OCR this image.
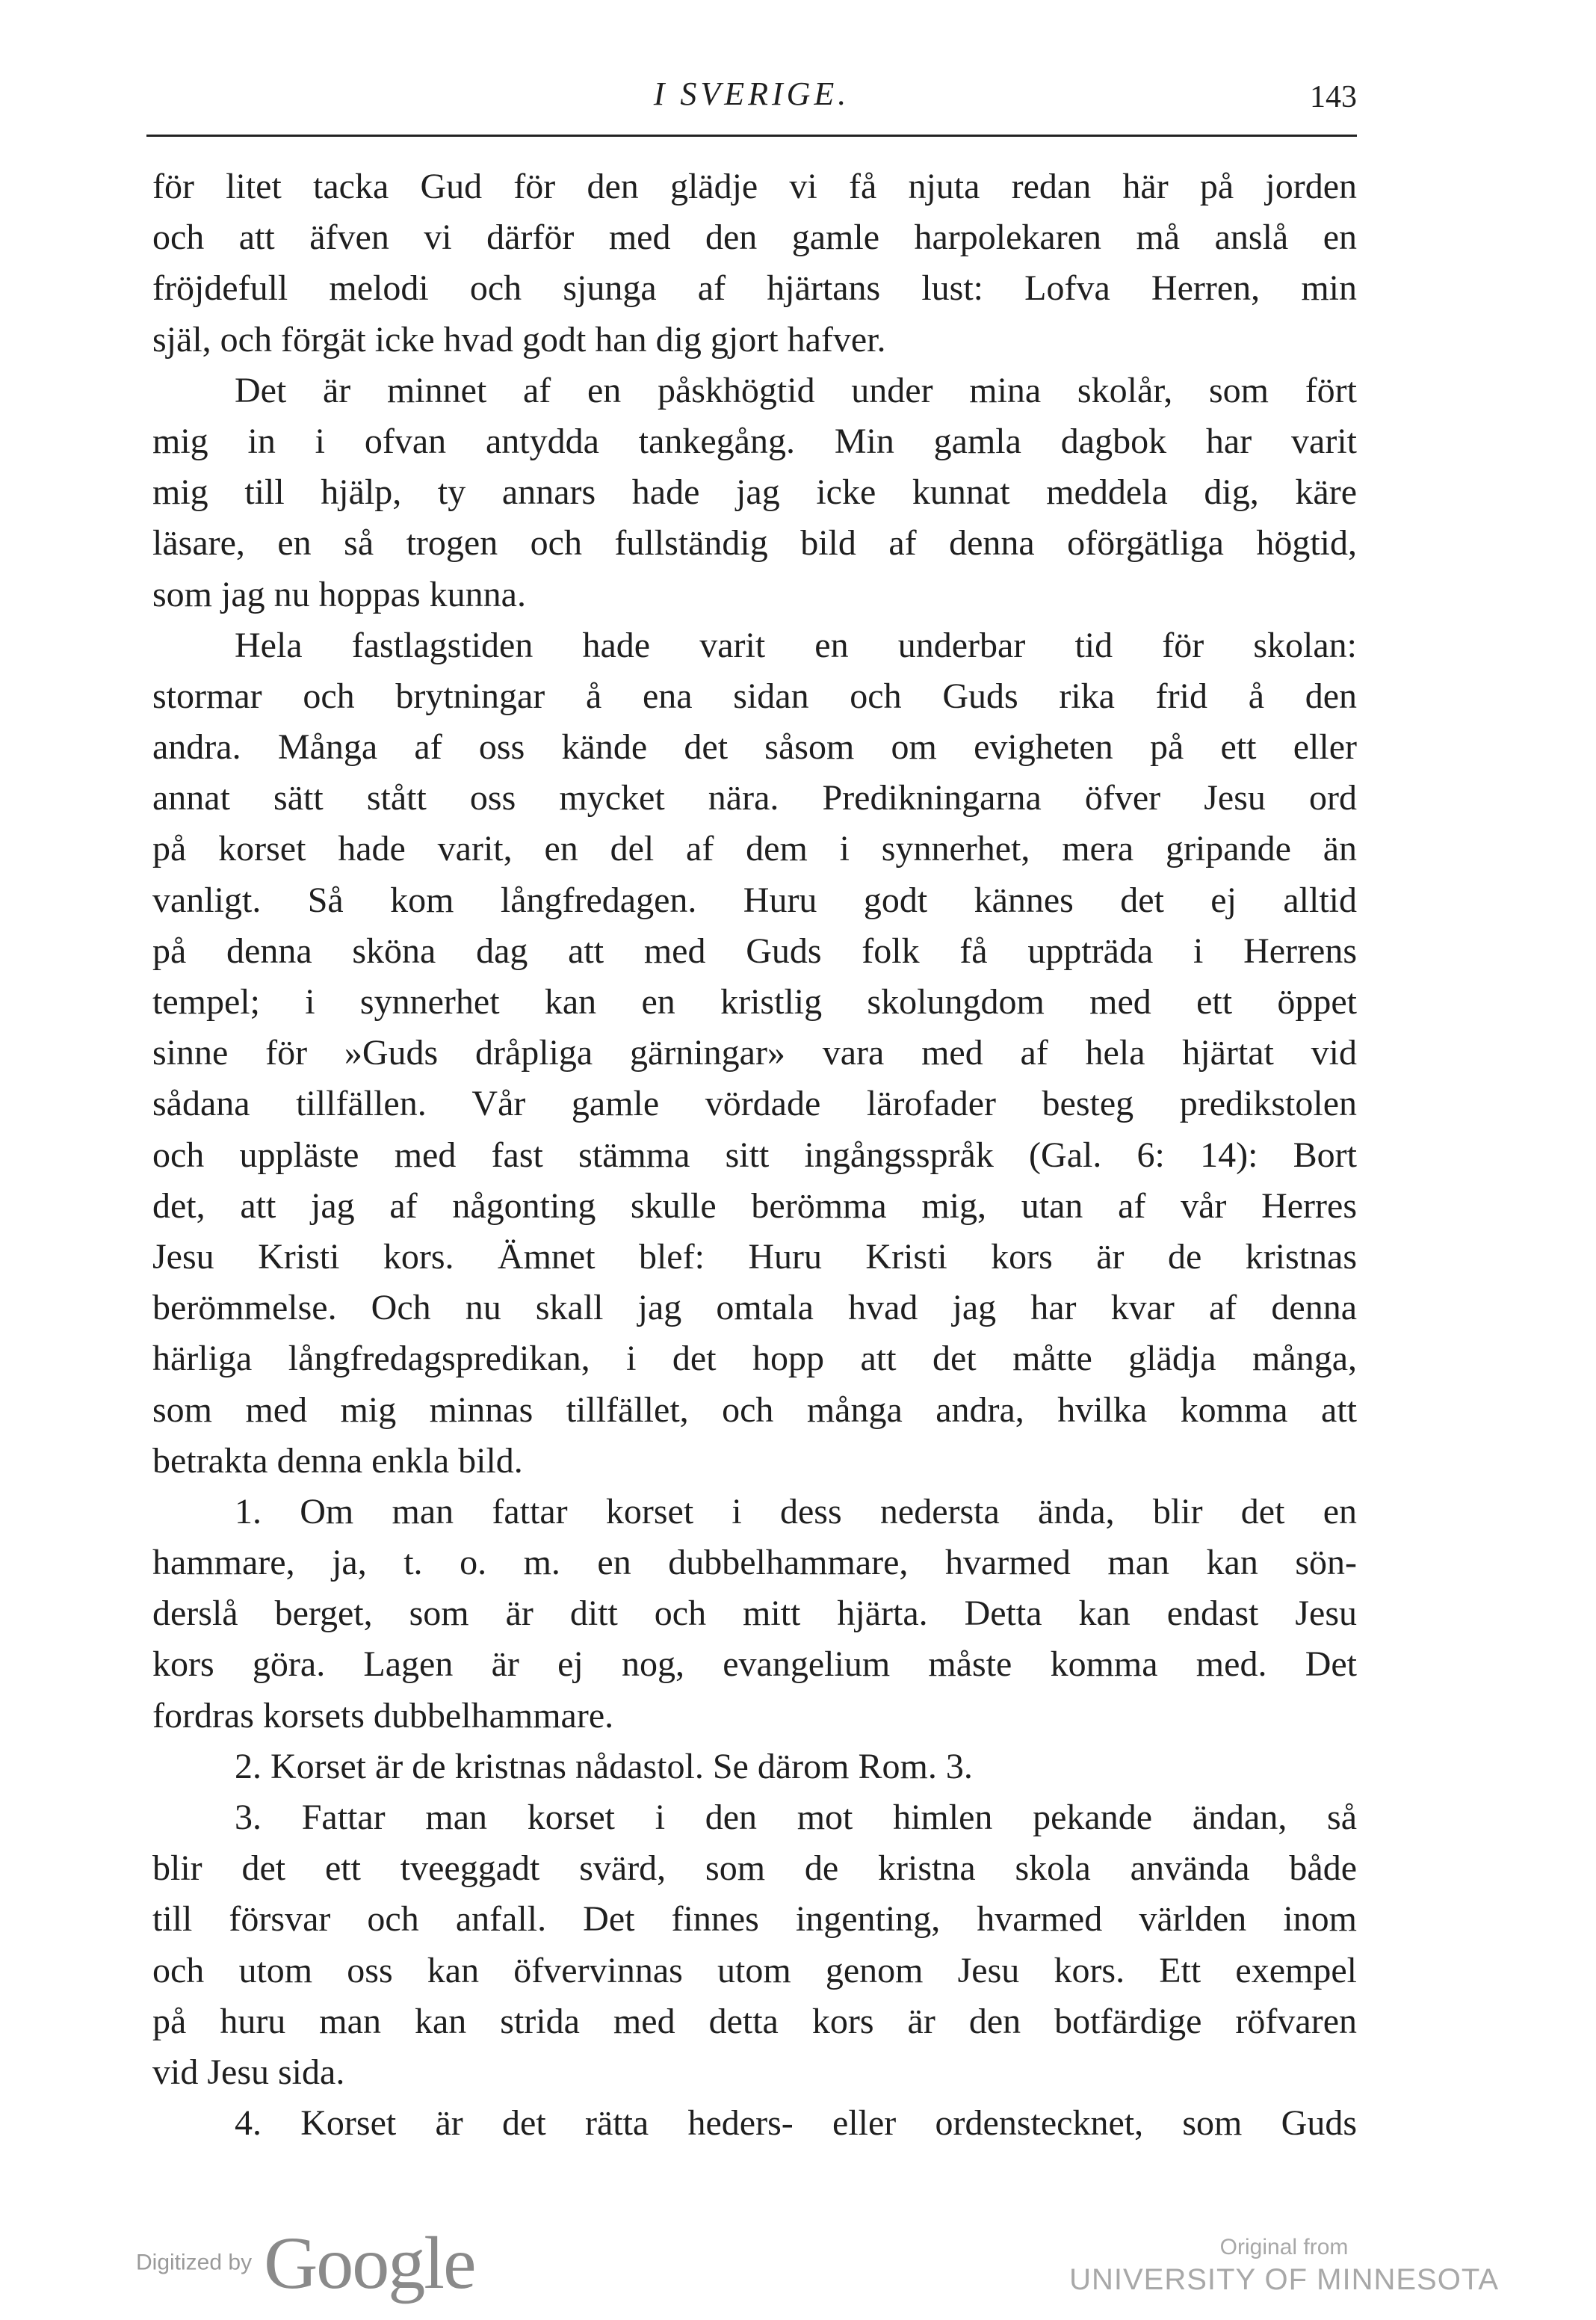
I SVERIGE.	143
för litet tacka Gud för den glädje vi få njuta redan här på jorden
och att äfven vi därför med den gamle harpolekaren må anslå en
fröjdefull melodi och sjunga af hjärtans lust: Lofva Herren, min
själ, och förgät icke hvad godt han dig gjort hafver.
Det är minnet af en påskhögtid under mina skolår, som fört
mig in i ofvan antydda tankegång. Min gamla dagbok har varit
mig till hjälp, ty annars hade jag icke kunnat meddela dig, käre
läsare, en så trogen och fullständig bild af denna oförgätliga högtid,
som jag nu hoppas kunna.
Hela fastlagstiden hade varit en underbar tid för skolan:
stormar och brytningar å ena sidan och Guds rika frid å den
andra. Många af oss kände det såsom om evigheten på ett eller
annat sätt stått oss mycket nära. Predikningarna öfver Jesu ord
på korset hade varit, en del af dem i synnerhet, mera gripande än
vanligt. Så kom långfredagen. Huru godt kännes det ej alltid
på denna sköna dag att med Guds folk få uppträda i Herrens
tempel; i synnerhet kan en kristlig skolungdom med ett öppet
sinne för »Guds dråpliga gärningar» vara med af hela hjärtat vid
sådana tillfällen. Vår gamle vördade lärofader besteg predikstolen
och uppläste med fast stämma sitt ingångsspråk (Gal. 6: 14): Bort
det, att jag af någonting skulle berömma mig, utan af vår Herres
Jesu Kristi kors. Ämnet blef: Huru Kristi kors är de kristnas
berömmelse. Och nu skall jag omtala hvad jag har kvar af denna
härliga långfredagspredikan, i det hopp att det måtte glädja många,
som med mig minnas tillfället, och många andra, hvilka komma att
betrakta denna enkla bild.
1. Om man fattar korset i dess nedersta ända, blir det en
hammare, ja, t. o. m. en dubbelhammare, hvarmed man kan sön-
derslå berget, som är ditt och mitt hjärta. Detta kan endast Jesu
kors göra. Lagen är ej nog, evangelium måste komma med. Det
fordras korsets dubbelhammare.
2. Korset är de kristnas nådastol. Se därom Rom. 3.
3. Fattar man korset i den mot himlen pekande ändan, så
blir det ett tveeggadt svärd, som de kristna skola använda både
till försvar och anfall. Det finnes ingenting, hvarmed världen inom
och utom oss kan öfvervinnas utom genom Jesu kors. Ett exempel
på huru man kan strida med detta kors är den botfärdige röfvaren
vid Jesu sida.
4. Korset är det rätta heders- eller ordenstecknet, som Guds
Digitized by Google	Original from
UNIVERSITY OF MINNESOTA
